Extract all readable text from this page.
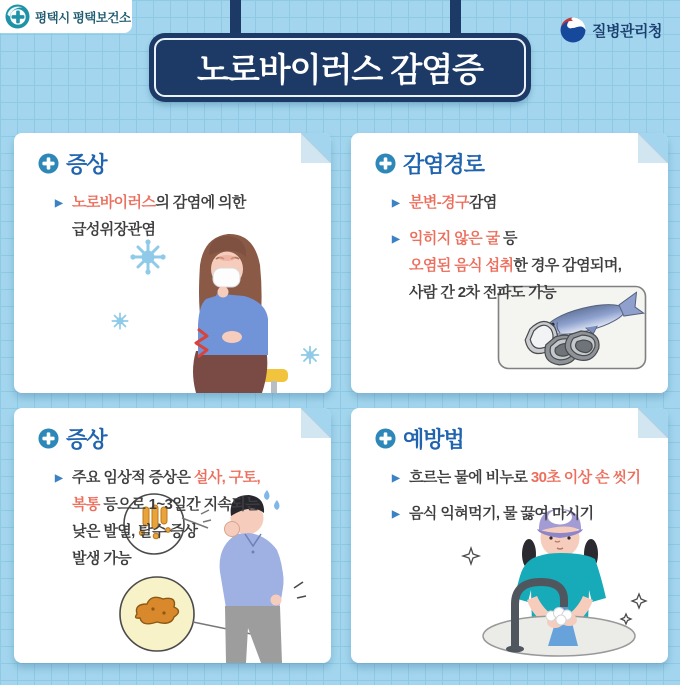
평택시 평택보건소
질병관리청
노로바이러스 감염증
증상
▶ 노로바이러스의 감염에 의한
급성위장관염
감염경로
▶ 분변-경구감염
▶ 익히지 않은 굴 등
오염된 음식 섭취한 경우 감염되며,
사람 간 2차 전파도 가능
증상
▶ 주요 임상적 증상은 설사, 구토,
복통 등으로 1~3일간 지속되는
낮은 발열, 탈수 증상
발생 가능
예방법
▶ 흐르는 물에 비누로 30초 이상 손 씻기
▶ 음식 익혀먹기, 물 끓여 마시기
